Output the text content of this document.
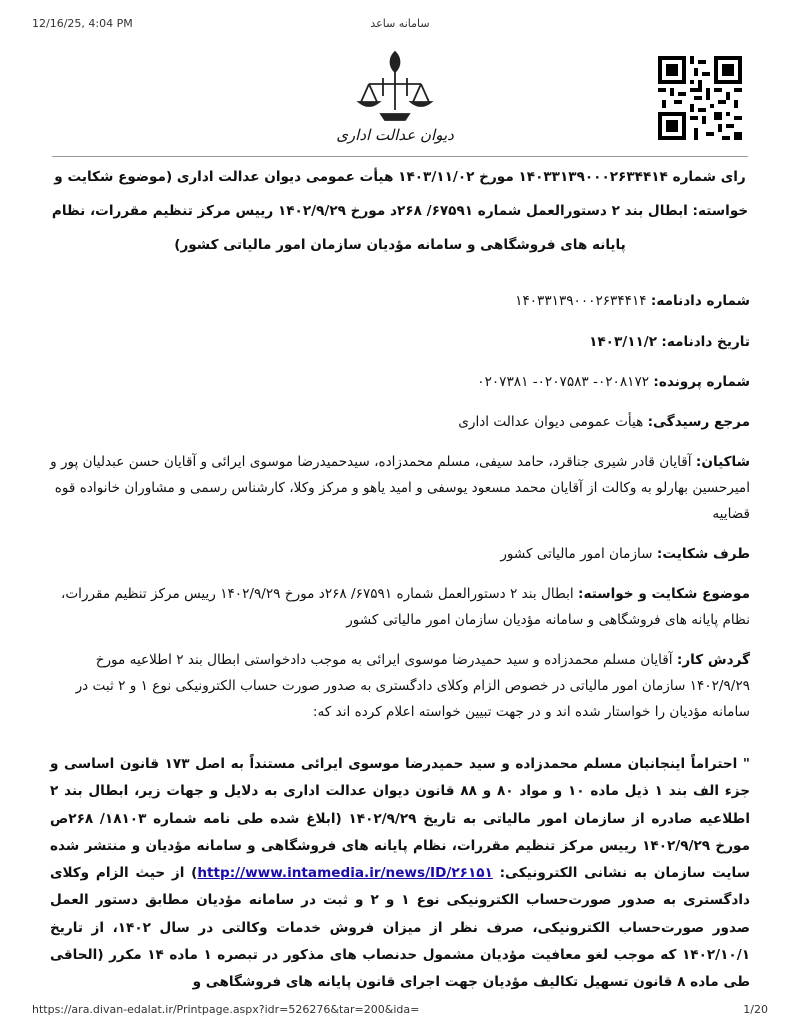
12/16/25, 4:04 PM	سامانه ساعد
دیوان عدالت اداری
رای شماره ۱۴۰۳۳۱۳۹۰۰۰۲۶۳۴۴۱۴ مورخ ۱۴۰۳/۱۱/۰۲ هیأت عمومی دیوان عدالت اداری (موضوع شکایت و خواسته: ابطال بند ۲ دستورالعمل شماره ۶۷۵۹۱/ ۲۶۸د مورخ ۱۴۰۲/۹/۲۹ رییس مرکز تنظیم مقررات، نظام پایانه های فروشگاهی و سامانه مؤدیان سازمان امور مالیاتی کشور)

شماره دادنامه: ۱۴۰۳۳۱۳۹۰۰۰۲۶۳۴۴۱۴

تاریخ دادنامه: ۱۴۰۳/۱۱/۲

شماره پرونده: ۰۲۰۸۱۷۲- ۰۲۰۷۵۸۳- ۰۲۰۷۳۸۱

مرجع رسیدگی: هیأت عمومی دیوان عدالت اداری

شاکیان: آقایان قادر شیری جناقرد، حامد سیفی، مسلم محمدزاده، سیدحمیدرضا موسوی ایرائی و آقایان حسن عبدلیان پور و امیرحسین بهارلو به وکالت از آقایان محمد مسعود یوسفی و امید یاهو و مرکز وکلا، کارشناس رسمی و مشاوران خانواده قوه قضاییه

طرف شکایت: سازمان امور مالیاتی کشور

موضوع شکایت و خواسته: ابطال بند ۲ دستورالعمل شماره ۶۷۵۹۱/ ۲۶۸د مورخ ۱۴۰۲/۹/۲۹ رییس مرکز تنظیم مقررات، نظام پایانه های فروشگاهی و سامانه مؤدیان سازمان امور مالیاتی کشور

گردش کار: آقایان مسلم محمدزاده و سید حمیدرضا موسوی ایرائی به موجب دادخواستی ابطال بند ۲ اطلاعیه مورخ ۱۴۰۲/۹/۲۹ سازمان امور مالیاتی در خصوص الزام وکلای دادگستری به صدور صورت حساب الکترونیکی نوع ۱ و ۲ ثبت در سامانه مؤدیان را خواستار شده اند و در جهت تبیین خواسته اعلام کرده اند که:

" احتراماً اینجانبان مسلم محمدزاده و سید حمیدرضا موسوی ایرائی مستنداً به اصل ۱۷۳ قانون اساسی و جزء الف بند ۱ ذیل ماده ۱۰ و مواد ۸۰ و ۸۸ قانون دیوان عدالت اداری به دلایل و جهات زیر، ابطال بند ۲ اطلاعیه صادره از سازمان امور مالیاتی به تاریخ ۱۴۰۲/۹/۲۹ (ابلاغ شده طی نامه شماره ۱۸۱۰۳/ ۲۶۸ص مورخ ۱۴۰۲/۹/۲۹ رییس مرکز تنظیم مقررات، نظام پایانه های فروشگاهی و سامانه مؤدیان و منتشر شده سایت سازمان به نشانی الکترونیکی: http://www.intamedia.ir/news/ID/۲۶۱۵۱) از حیث الزام وکلای دادگستری به صدور صورت‌حساب الکترونیکی نوع ۱ و ۲ و ثبت در سامانه مؤدیان مطابق دستور العمل صدور صورت‌حساب الکترونیکی، صرف نظر از میزان فروش خدمات وکالتی در سال ۱۴۰۲، از تاریخ ۱۴۰۲/۱۰/۱ که موجب لغو معافیت مؤدیان مشمول حدنصاب های مذکور در تبصره ۱ ماده ۱۴ مکرر (الحاقی طی ماده ۸ قانون تسهیل تکالیف مؤدیان جهت اجرای قانون پایانه های فروشگاهی و

https://ara.divan-edalat.ir/Printpage.aspx?idr=526276&tar=200&ida=	1/20
